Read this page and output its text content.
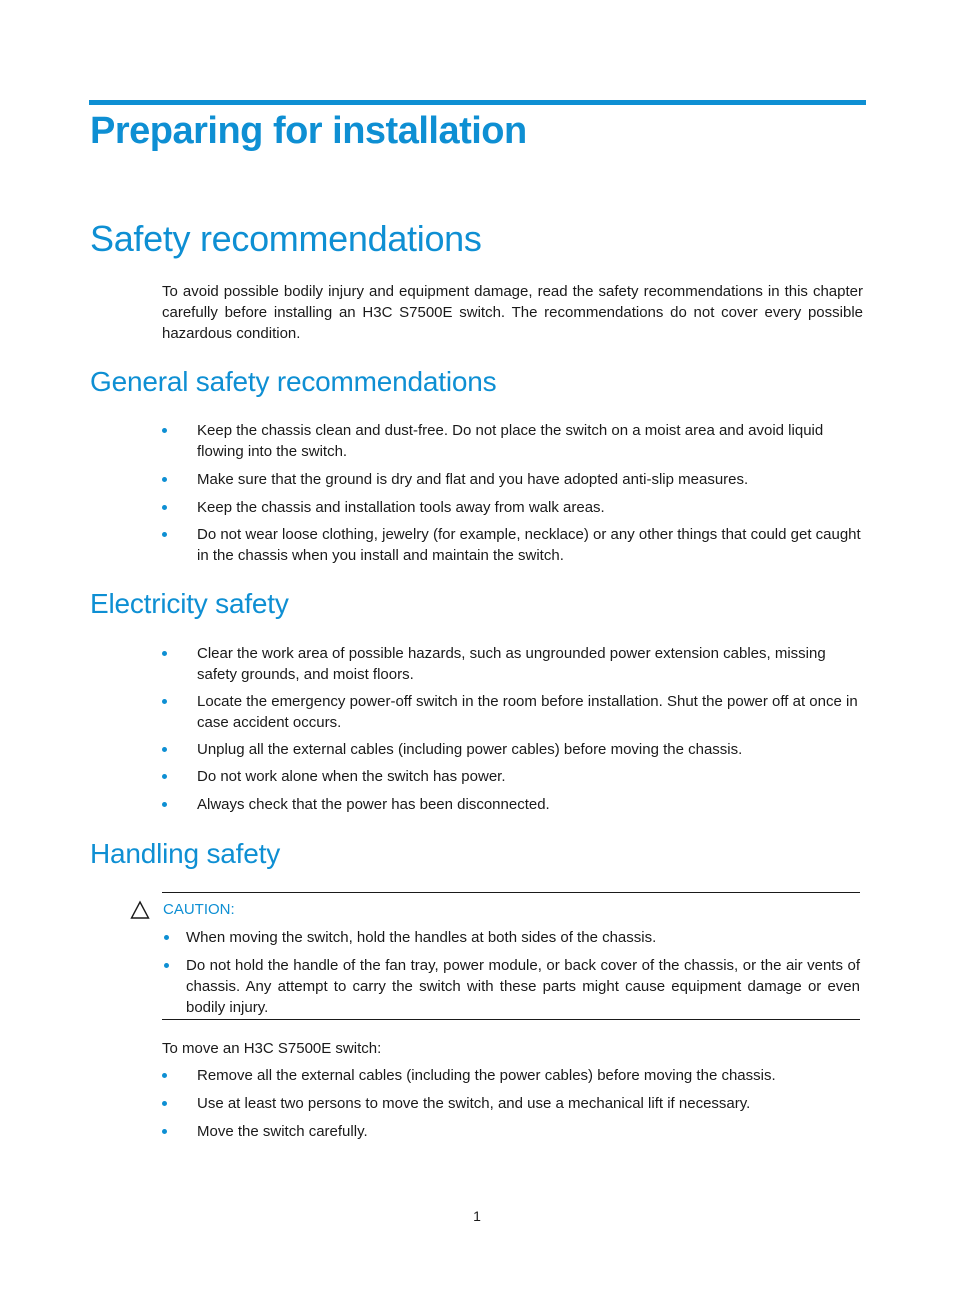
Preparing for installation
Safety recommendations

To avoid possible bodily injury and equipment damage, read the safety recommendations in this chapter carefully before installing an H3C S7500E switch. The recommendations do not cover every possible hazardous condition.

General safety recommendations
Keep the chassis clean and dust-free. Do not place the switch on a moist area and avoid liquid flowing into the switch.
Make sure that the ground is dry and flat and you have adopted anti-slip measures.
Keep the chassis and installation tools away from walk areas.
Do not wear loose clothing, jewelry (for example, necklace) or any other things that could get caught in the chassis when you install and maintain the switch.
Electricity safety
Clear the work area of possible hazards, such as ungrounded power extension cables, missing safety grounds, and moist floors.
Locate the emergency power-off switch in the room before installation. Shut the power off at once in case accident occurs.
Unplug all the external cables (including power cables) before moving the chassis.
Do not work alone when the switch has power.
Always check that the power has been disconnected.
Handling safety
CAUTION:
When moving the switch, hold the handles at both sides of the chassis.
Do not hold the handle of the fan tray, power module, or back cover of the chassis, or the air vents of chassis. Any attempt to carry the switch with these parts might cause equipment damage or even bodily injury.

To move an H3C S7500E switch:

Remove all the external cables (including the power cables) before moving the chassis.
Use at least two persons to move the switch, and use a mechanical lift if necessary.
Move the switch carefully.
1
